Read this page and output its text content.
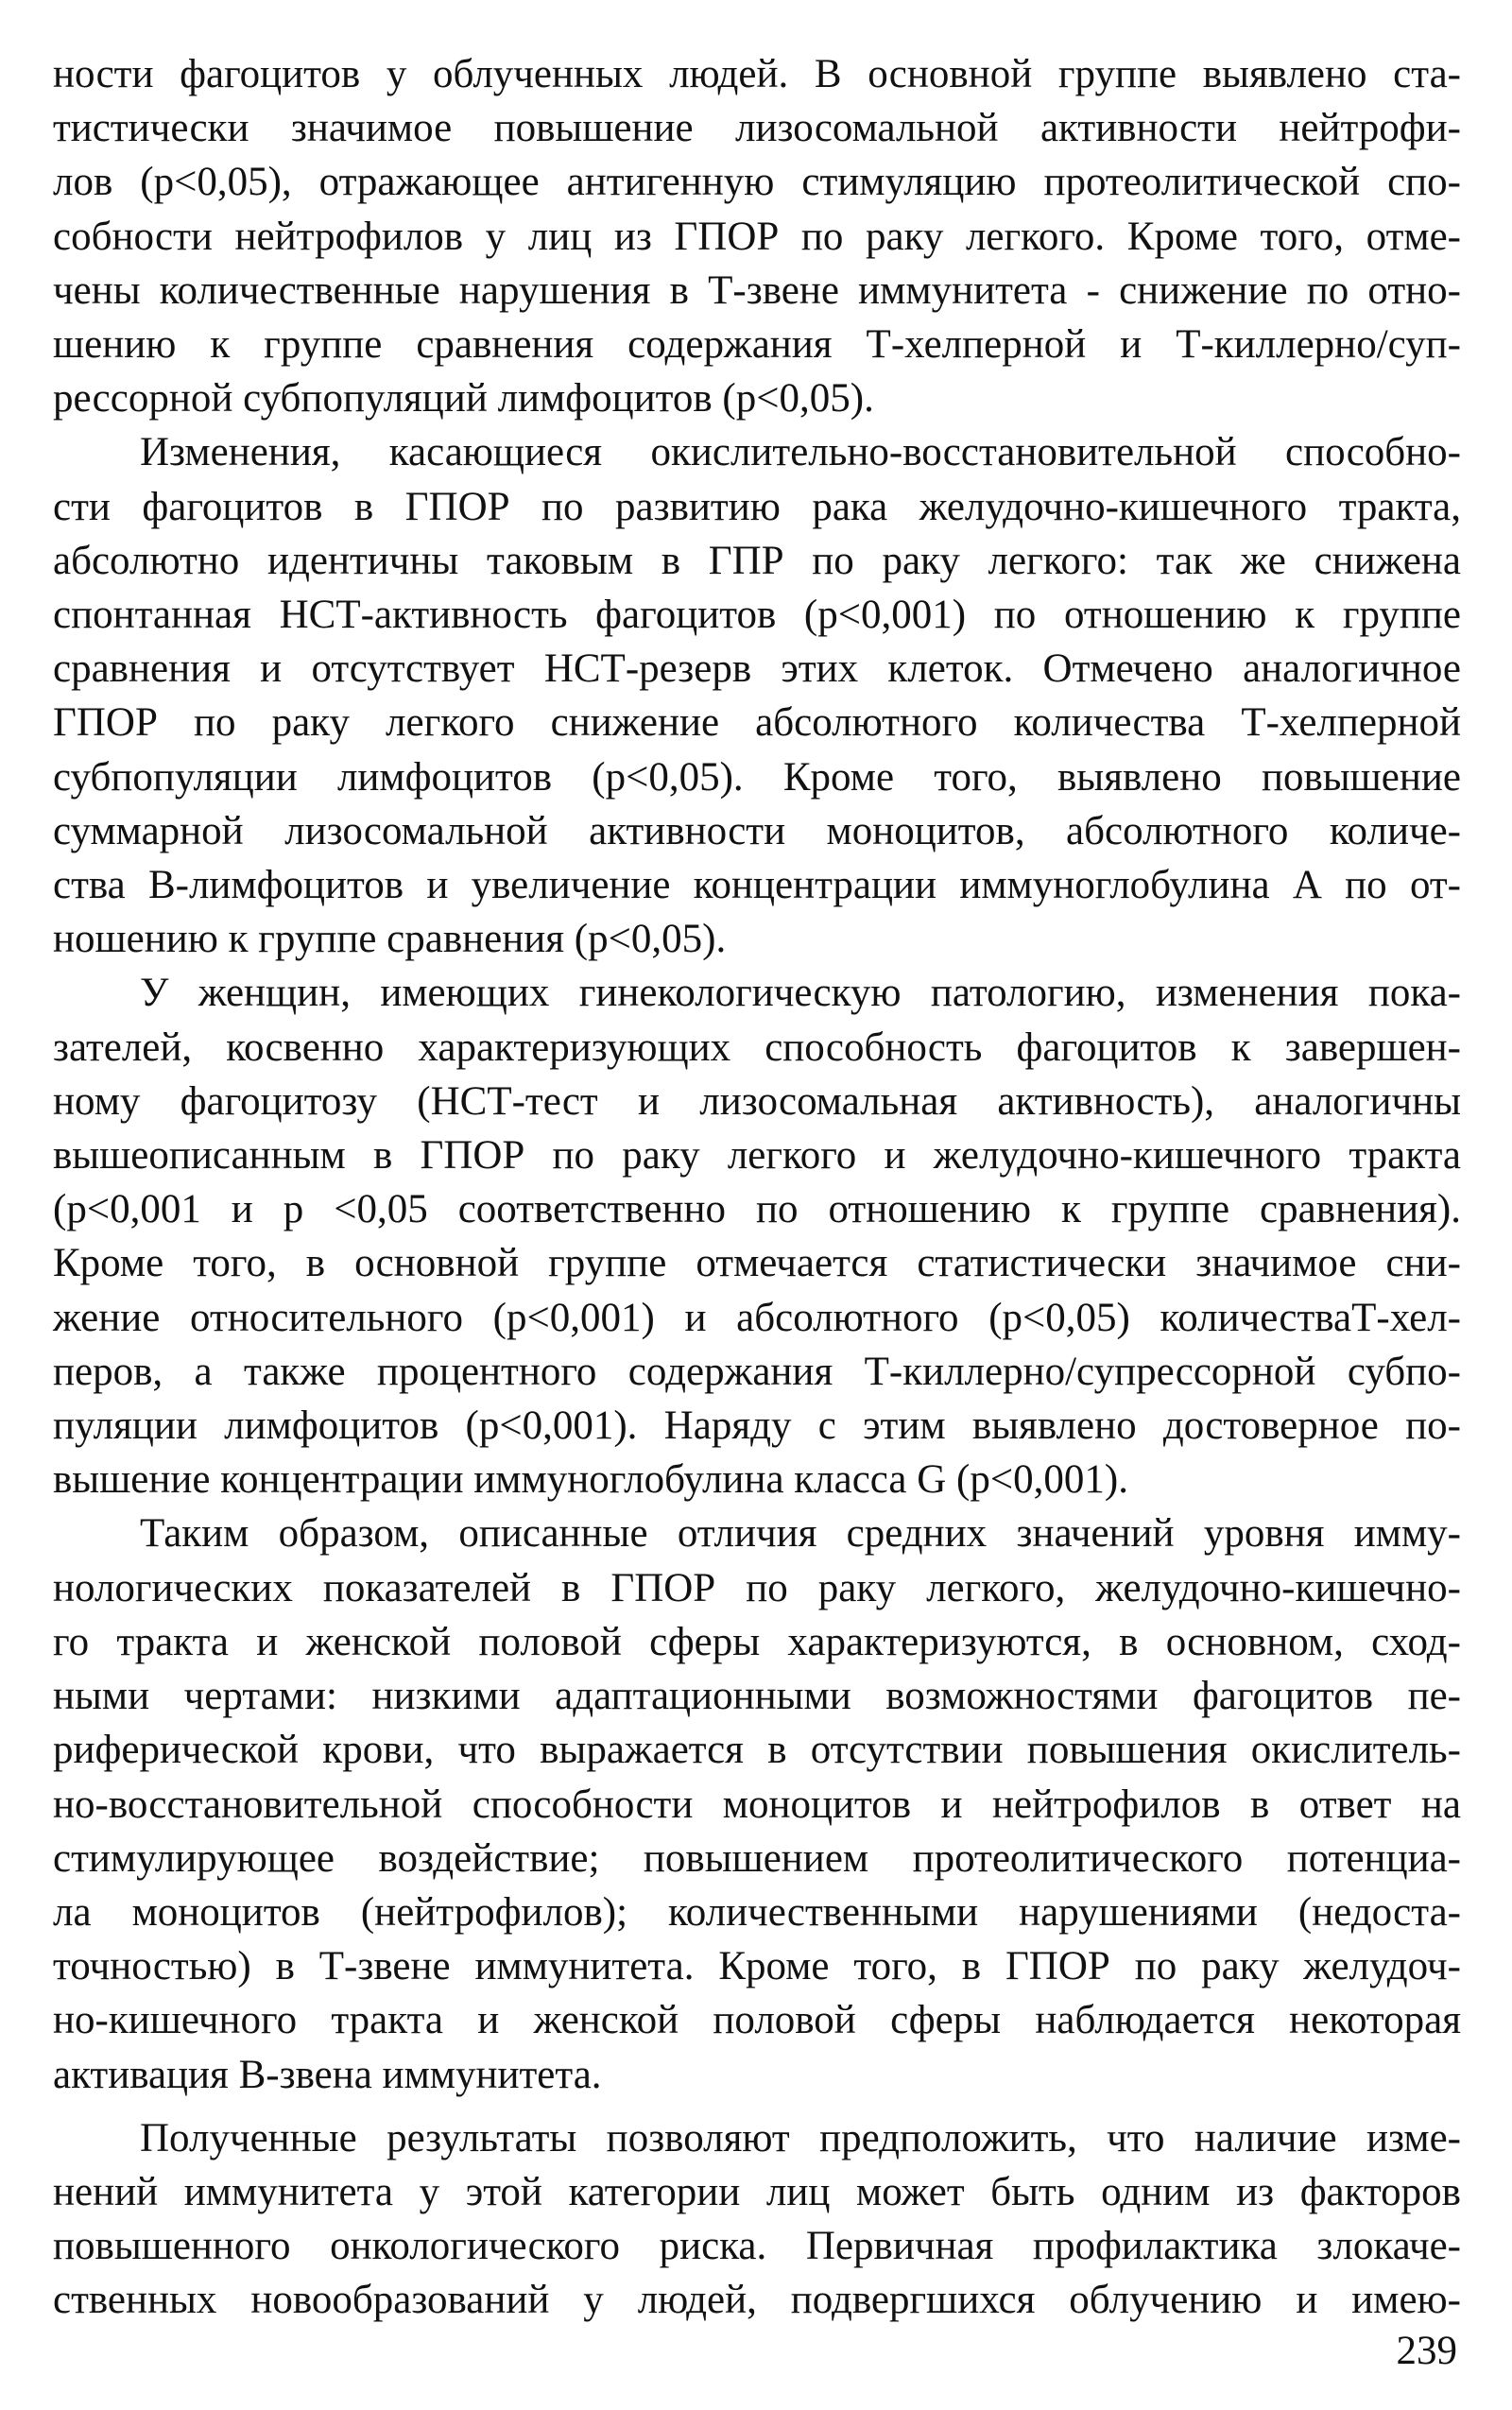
ности фагоцитов у облученных людей. В основной группе выявлено ста-
тистически значимое повышение лизосомальной активности нейтрофи-
лов (p<0,05), отражающее антигенную стимуляцию протеолитической спо-
собности нейтрофилов у лиц из ГПОР по раку легкого. Кроме того, отме-
чены количественные нарушения в Т-звене иммунитета - снижение по отно-
шению к группе сравнения содержания Т-хелперной и Т-киллерно/суп-
рессорной субпопуляций лимфоцитов (p<0,05).
Изменения, касающиеся окислительно-восстановительной способно-
сти фагоцитов в ГПОР по развитию рака желудочно-кишечного тракта,
абсолютно идентичны таковым в ГПР по раку легкого: так же снижена
спонтанная НСТ-активность фагоцитов (p<0,001) по отношению к группе
сравнения и отсутствует НСТ-резерв этих клеток. Отмечено аналогичное
ГПОР по раку легкого снижение абсолютного количества Т-хелперной
субпопуляции лимфоцитов (p<0,05). Кроме того, выявлено повышение
суммарной лизосомальной активности моноцитов, абсолютного количе-
ства В-лимфоцитов и увеличение концентрации иммуноглобулина А по от-
ношению к группе сравнения (p<0,05).
У женщин, имеющих гинекологическую патологию, изменения пока-
зателей, косвенно характеризующих способность фагоцитов к завершен-
ному фагоцитозу (НСТ-тест и лизосомальная активность), аналогичны
вышеописанным в ГПОР по раку легкого и желудочно-кишечного тракта
(p<0,001 и p <0,05 соответственно по отношению к группе сравнения).
Кроме того, в основной группе отмечается статистически значимое сни-
жение относительного (p<0,001) и абсолютного (p<0,05) количестваТ-хел-
перов, а также процентного содержания Т-киллерно/супрессорной субпо-
пуляции лимфоцитов (p<0,001). Наряду с этим выявлено достоверное по-
вышение концентрации иммуноглобулина класса G (p<0,001).
Таким образом, описанные отличия средних значений уровня имму-
нологических показателей в ГПОР по раку легкого, желудочно-кишечно-
го тракта и женской половой сферы характеризуются, в основном, сход-
ными чертами: низкими адаптационными возможностями фагоцитов пе-
риферической крови, что выражается в отсутствии повышения окислитель-
но-восстановительной способности моноцитов и нейтрофилов в ответ на
стимулирующее воздействие; повышением протеолитического потенциа-
ла моноцитов (нейтрофилов); количественными нарушениями (недоста-
точностью) в Т-звене иммунитета. Кроме того, в ГПОР по раку желудоч-
но-кишечного тракта и женской половой сферы наблюдается некоторая
активация В-звена иммунитета.
Полученные результаты позволяют предположить, что наличие изме-
нений иммунитета у этой категории лиц может быть одним из факторов
повышенного онкологического риска. Первичная профилактика злокаче-
ственных новообразований у людей, подвергшихся облучению и имею-
239
